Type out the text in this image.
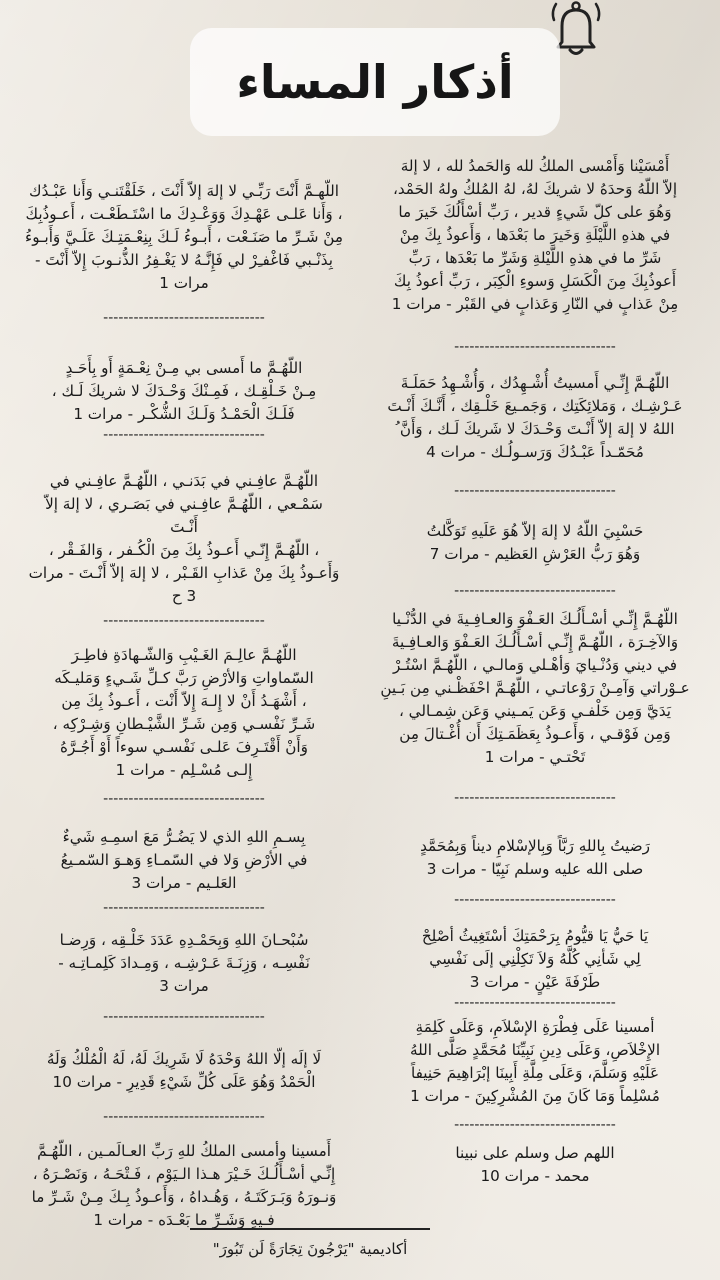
أذكار المساء
أَمْسَيْنا وَأَمْسى الملكُ لله وَالحَمدُ لله ، لا إلهَ
إلاّ اللّهُ وَحدَهُ لا شريكَ لهُ، لهُ المُلكُ ولهُ الحَمْد،
وَهُوَ على كلّ شَيءٍ قدير ، رَبِّ أسْأَلُكَ خَيرَ ما
في هذهِ اللَّيْلَةِ وَخَيرَ ما بَعْدَها ، وَأَعوذُ بِكَ مِنْ
شَرِّ ما في هذهِ اللَّيْلةِ وَشَرِّ ما بَعْدَها ، رَبِّ
أَعوذُبِكَ مِنَ الْكَسَلِ وَسوءِ الْكِبَر ، رَبِّ أعوذُ بِكَ
مِنْ عَذابٍ في النّارِ وَعَذابٍ في القَبْر - مرات 1
--------------------------------
اللّهُـمَّ إِنِّـي أَمسيتُ أُشْـهِدُك ، وَأُشْـهِدُ حَمَلَـةَ
عَـرْشِـك ، وَمَلائِكَتِك ، وَجَمـيعَ خَلْـقِك ، أَنَّـكَ أَنْـتَ
اللهُ لا إلهَ إلاّ أَنْـتَ وَحْـدَكَ لا شَريكَ لَـك ، وَأَنَّ ُ
مُحَمّـداً عَبْـدُكَ وَرَسـولُـك - مرات 4
--------------------------------
حَسْبِيَ اللّهُ لا إلهَ إلاّ هُوَ عَلَيهِ تَوَكَّلتُ
وَهُوَ رَبُّ العَرْشِ العَظيم - مرات 7
--------------------------------
اللّهُـمَّ إِنِّـي أسْـأَلُـكَ العَـفْوَ وَالعـافِـيةَ في الدُّنْـيا
وَالآخِـرَة ، اللّهُـمَّ إِنِّـي أسْـأَلُـكَ العَـفْوَ وَالعـافِـيةَ
في ديني وَدُنْـيايَ وَأهْـلي وَمالـي ، اللّهُـمَّ اسْتُـرْ
عـوْراتي وَآمِـنْ رَوْعاتـي ، اللّهُـمَّ احْفَظْـني مِن بَـينِ
يَدَيَّ وَمِن خَلْفـي وَعَن يَمـيني وَعَن شِمـالي ،
وَمِن فَوْقـي ، وَأَعـوذُ بِعَظَمَـتِكَ أَن أُغْـتالَ مِن
تَحْتـي - مرات 1
--------------------------------
رَضيتُ بِاللهِ رَبَّاً وَبِالإسْلامِ ديناً وَبِمُحَمَّدٍ
صلى الله عليه وسلم نَبِيّا - مرات 3
--------------------------------
يَا حَيُّ يَا قيُّومُ بِرَحْمَتِكَ أسْتَغِيثُ أصْلِحْ
لِي شَأنِي كُلَّهُ وَلاَ تَكِلْنِي إلَى نَفْسِي
طَرْفَةَ عَيْنٍ - مرات 3
--------------------------------
أمسينا عَلَى فِطْرَةِ الإسْلاَمِ، وَعَلَى كَلِمَةِ
الإِخْلاَصِ، وَعَلَى دِينِ نَبِيِّنَا مُحَمَّدٍ صَلَّى اللهُ
عَلَيْهِ وَسَلَّمَ، وَعَلَى مِلَّةِ أَبِينَا إبْرَاهِيمَ حَنِيفاً
مُسْلِماً وَمَا كَانَ مِنَ المُشْرِكِينَ - مرات 1
--------------------------------
اللهم صل وسلم على نبينا
محمد - مرات 10
اللّهـمَّ أَنْتَ رَبِّـي لا إلهَ إلاّ أَنْتَ ، خَلَقْتَنـي وَأَنا عَبْـدُك
، وَأَنا عَلـى عَهْـدِكَ وَوَعْـدِكَ ما اسْتَـطَعْـت ، أَعـوذُبِكَ
مِنْ شَـرِّ ما صَنَـعْت ، أَبـوءُ لَـكَ بِنِعْـمَتِـكَ عَلَـيَّ وَأَبـوءُ
بِذَنْـبي فَاغْفـِرْ لي فَإِنَّـهُ لا يَغْـفِرُ الذُّنـوبَ إِلاّ أَنْتَ -
مرات 1
--------------------------------
اللّهُـمَّ ما أَمسى بي مِـنْ نِعْـمَةٍ أَو بِأَحَـدٍ
مِـنْ خَـلْقِـك ، فَمِـنْكَ وَحْـدَكَ لا شريكَ لَـك ،
فَلَـكَ الْحَمْـدُ وَلَـكَ الشُّكْـر - مرات 1
--------------------------------
اللّهُـمَّ عافِـني في بَدَنـي ، اللّهُـمَّ عافِـني في
سَمْـعي ، اللّهُـمَّ عافِـني في بَصَـري ، لا إلهَ إلاّ
أَنْـتَ
، اللّهُـمَّ إِنّـي أَعـوذُ بِكَ مِنَ الْكُـفر ، وَالفَـقْر ،
وَأَعـوذُ بِكَ مِنْ عَذابِ القَـبْر ، لا إلهَ إلاّ أَنْـتَ - مرات
3 ح
--------------------------------
اللّهُـمَّ عالِـمَ الغَـيْبِ وَالشّـهادَةِ فاطِـرَ
السّماواتِ وَالأرْضِ رَبَّ كـلِّ شَـيءٍ وَمَليـكَه
، أَشْهَـدُ أَنْ لا إِلـهَ إِلاّ أَنْت ، أَعـوذُ بِكَ مِن
شَـرِّ نَفْسـي وَمِن شَـرِّ الشَّيْـطانِ وَشِـرْكِه ،
وَأَنْ أَقْتَـرِفَ عَلـى نَفْسـي سوءاً أَوْ أَجُـرَّهُ
إِلـى مُسْـلِم - مرات 1
--------------------------------
بِسـمِ اللهِ الذي لا يَضُـرُّ مَعَ اسمِـهِ شَيءٌ
في الأرْضِ وَلا في السّمـاءِ وَهـوَ السّمـيعُ
العَلـيم - مرات 3
--------------------------------
سُبْحـانَ اللهِ وَبِحَمْـدِهِ عَدَدَ خَلْـقِه ، وَرِضـا
نَفْسِـه ، وَزِنَـةَ عَـرْشِـه ، وَمِـدادَ كَلِمـاتِـه -
مرات 3
--------------------------------
لَا إلَه إلّا اللهُ وَحْدَهُ لَا شَرِيكَ لَهُ، لَهُ الْمُلْكُ وَلَهُ
الْحَمْدُ وَهُوَ عَلَى كُلِّ شَيْءِ قَدِيرِ - مرات 10
--------------------------------
أَمسينا وأمسى الملكُ للهِ رَبِّ العـالَمـين ، اللّهُـمَّ
إِنِّـي أسْـأَلُـكَ خَـيْرَ هـذا الـيَوْم ، فَـتْحَـهُ ، وَنَصْـرَهُ ،
وَنـورَهُ وَبَـرَكَتَـهُ ، وَهُـداهُ ، وَأَعـوذُ بِـكَ مِـنْ شَـرِّ ما
فـيهِ وَشَـرِّ ما بَعْـدَه - مرات 1
أكاديمية "يَرْجُونَ تِجَارَةً لَن تَبُورَ"
